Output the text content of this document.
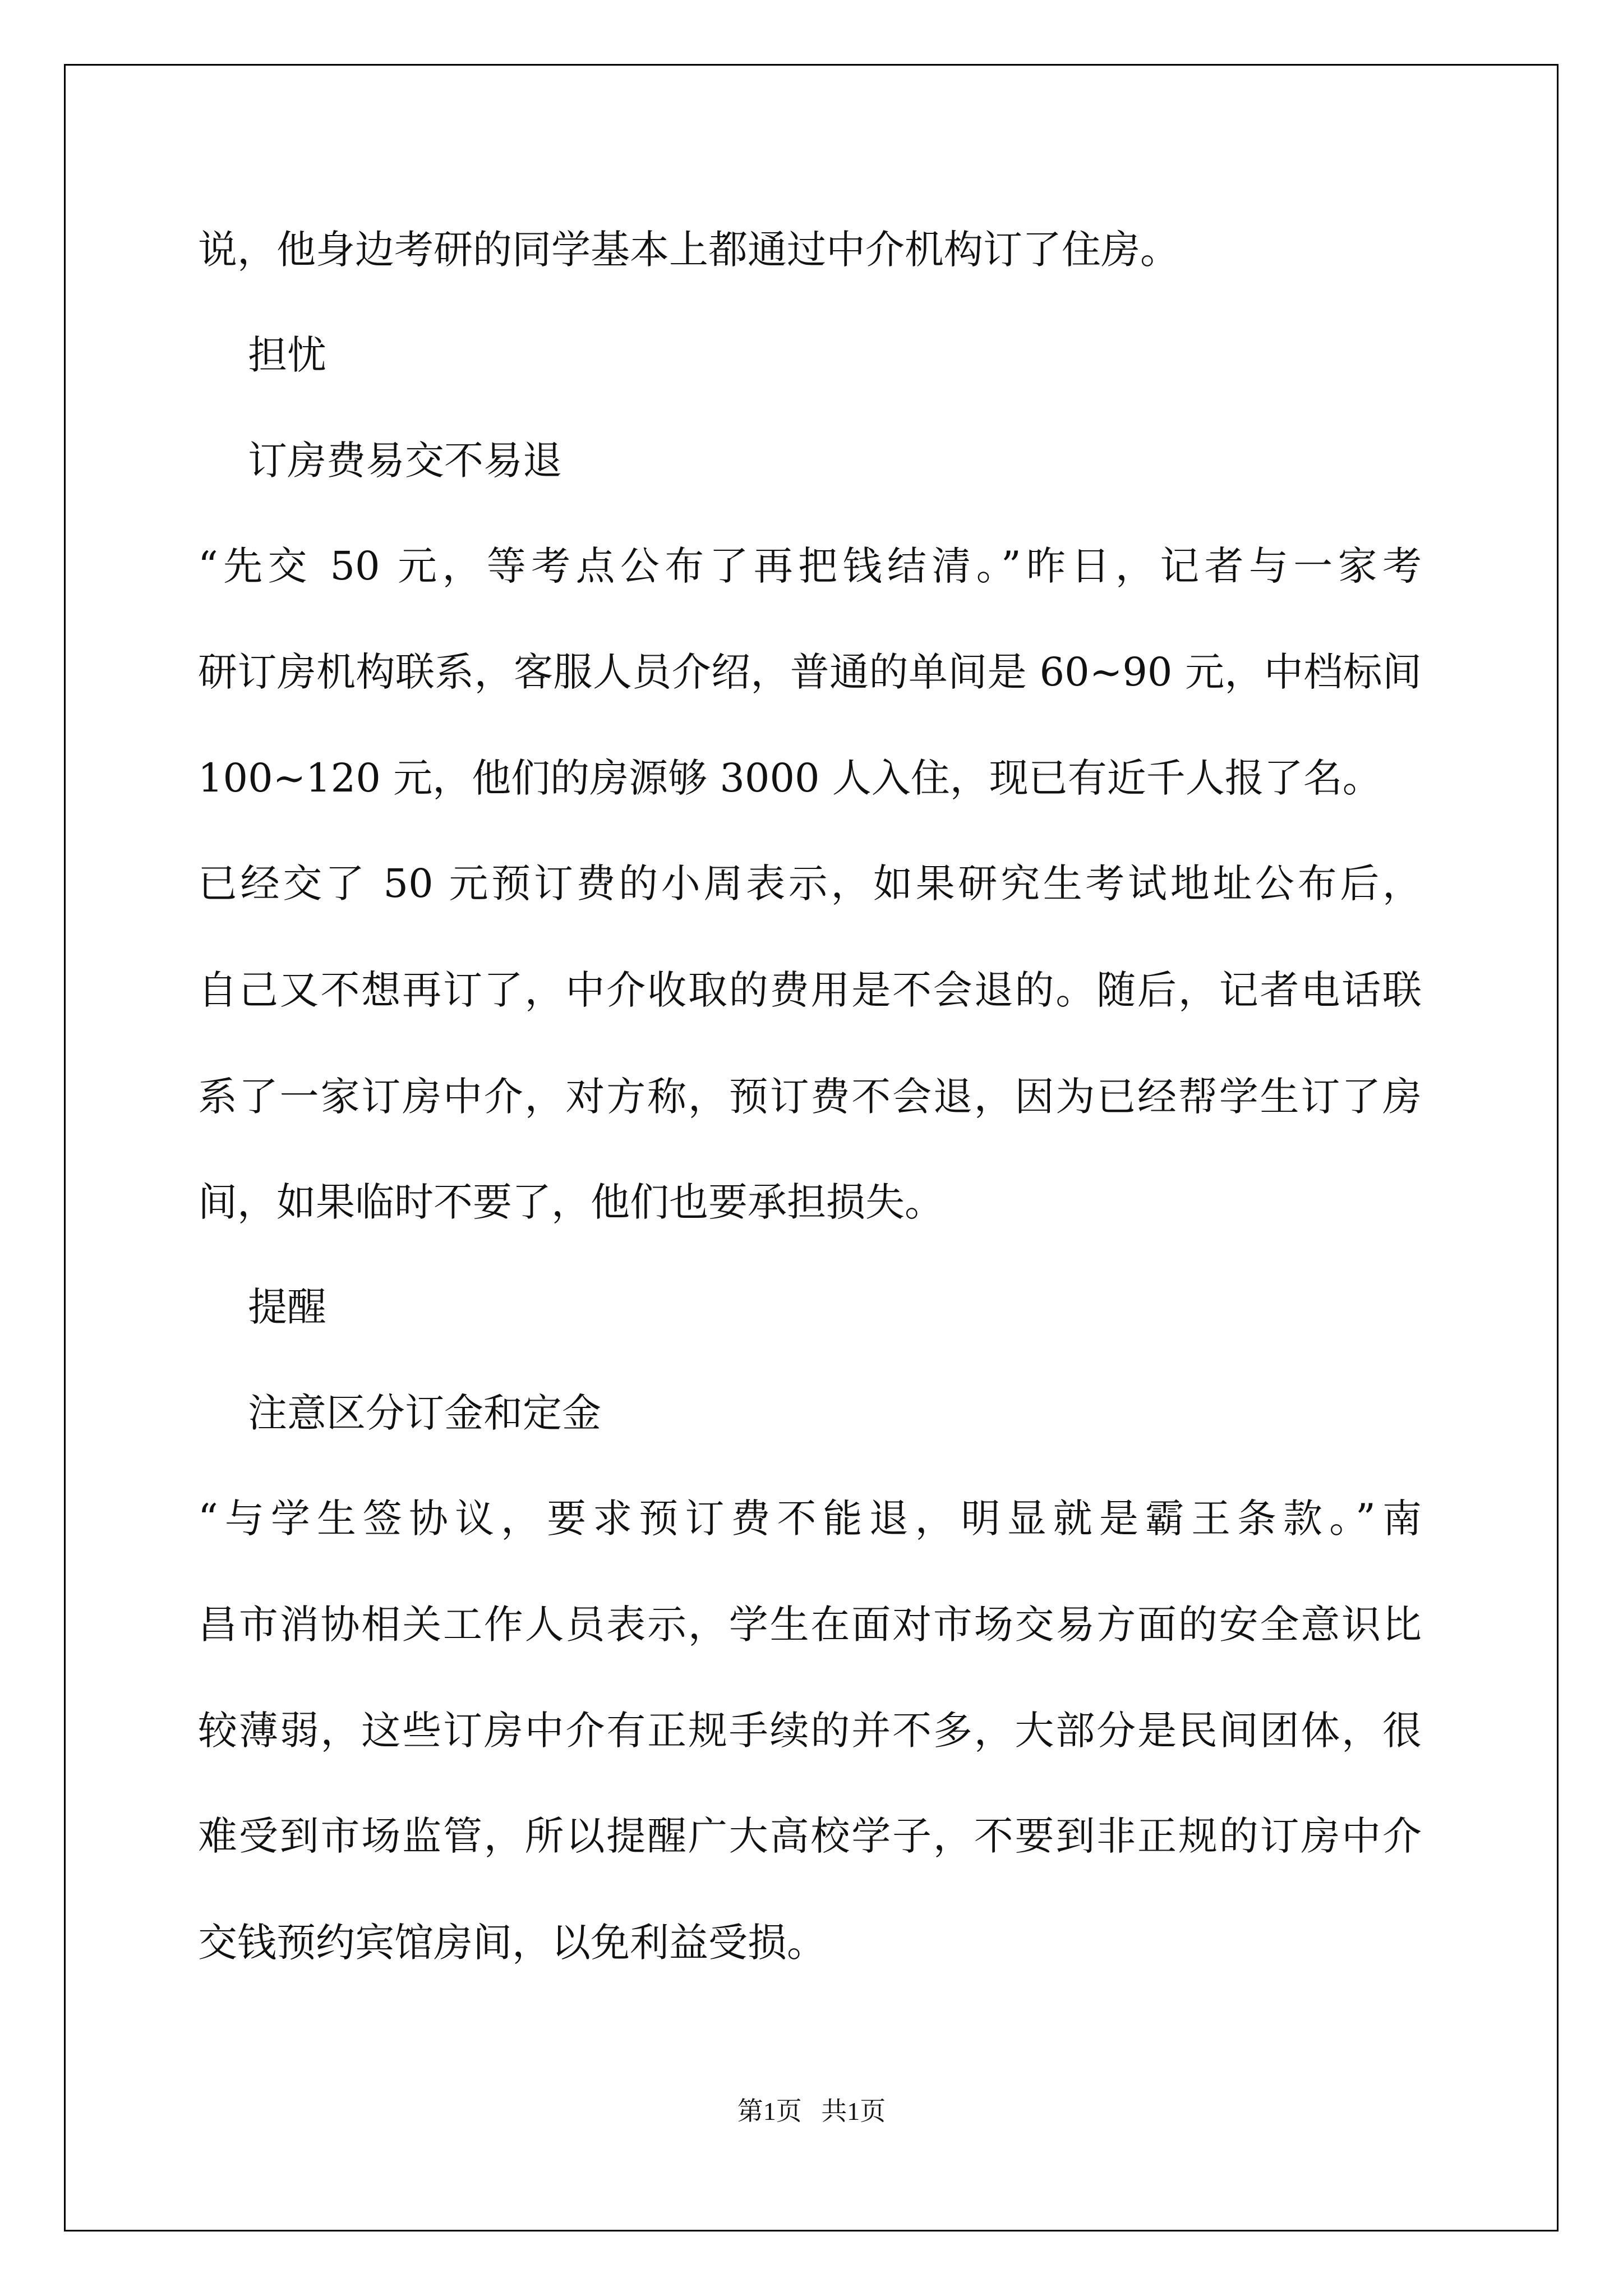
说，他身边考研的同学基本上都通过中介机构订了住房。

担忧

订房费易交不易退

“先交 50 元，等考点公布了再把钱结清。”昨日，记者与一家考

研订房机构联系，客服人员介绍，普通的单间是 60~90 元，中档标间

100~120 元，他们的房源够 3000 人入住，现已有近千人报了名。

已经交了 50 元预订费的小周表示，如果研究生考试地址公布后，

自己又不想再订了，中介收取的费用是不会退的。随后，记者电话联

系了一家订房中介，对方称，预订费不会退，因为已经帮学生订了房

间，如果临时不要了，他们也要承担损失。

提醒

注意区分订金和定金

“与学生签协议，要求预订费不能退，明显就是霸王条款。”南

昌市消协相关工作人员表示，学生在面对市场交易方面的安全意识比

较薄弱，这些订房中介有正规手续的并不多，大部分是民间团体，很

难受到市场监管，所以提醒广大高校学子，不要到非正规的订房中介

交钱预约宾馆房间，以免利益受损。

第1页   共1页
